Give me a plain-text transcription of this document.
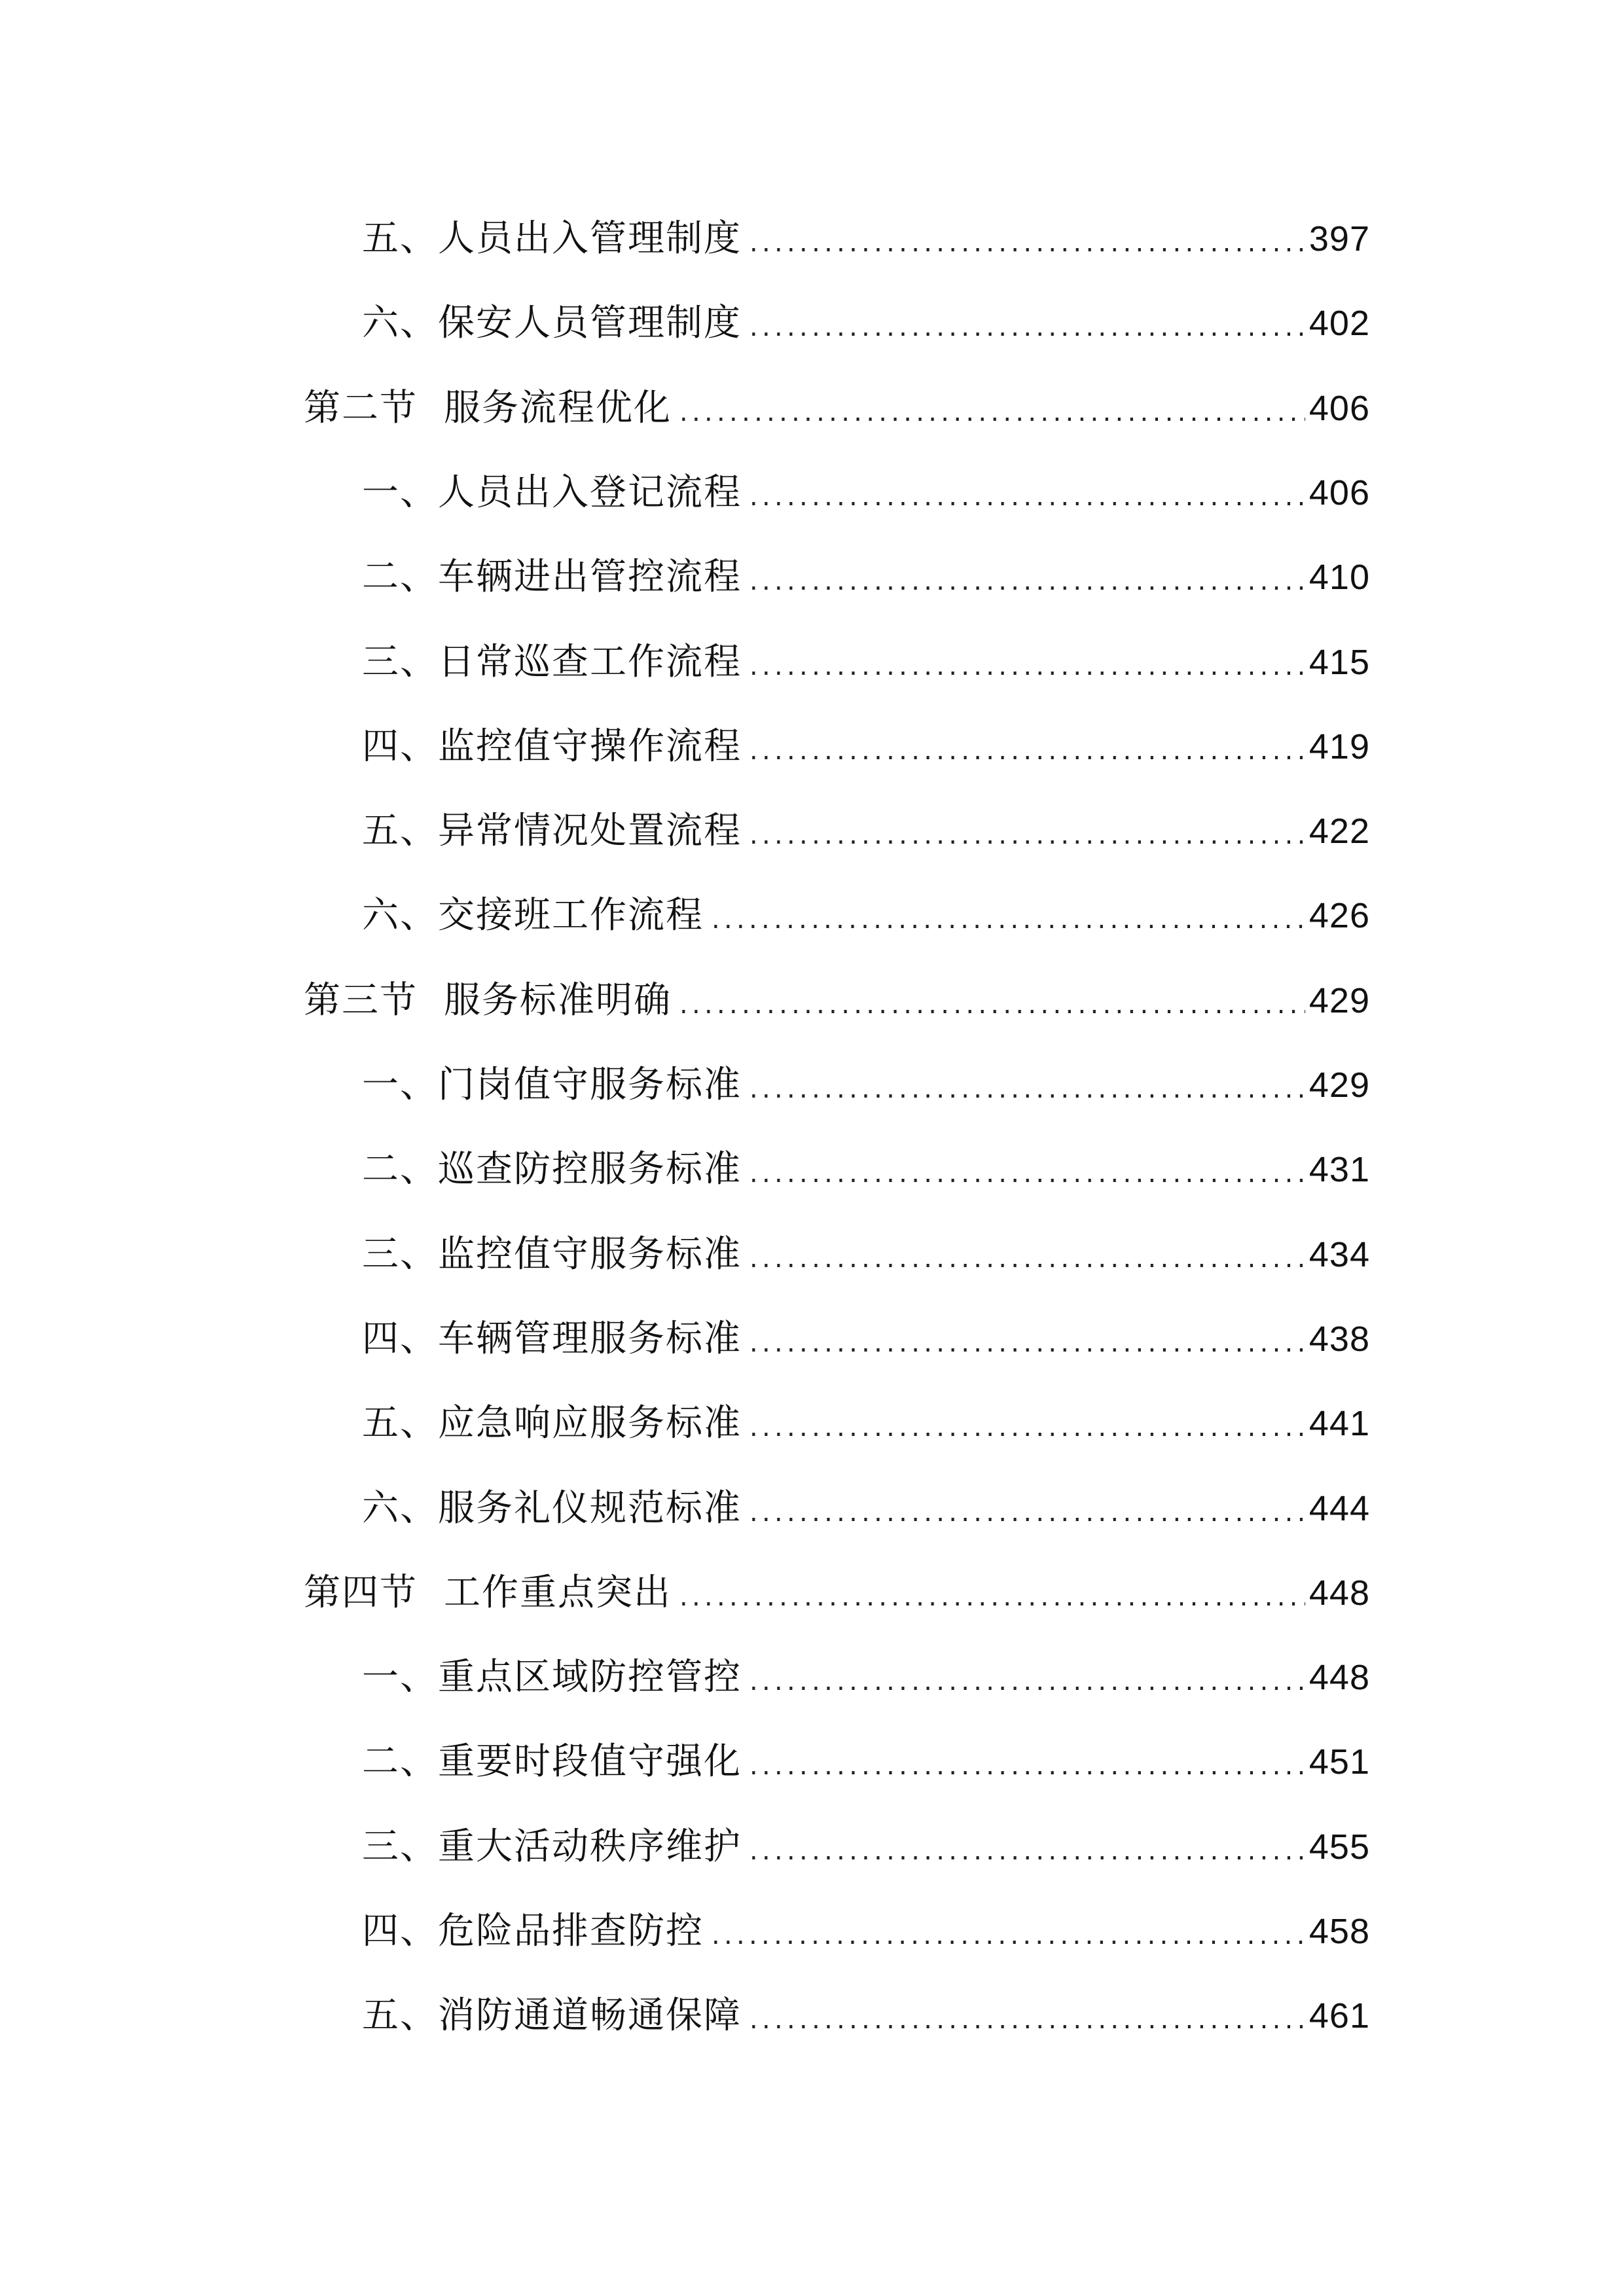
五、人员出入管理制度 .....	397
六、保安人员管理制度 .....	402
第二节 服务流程优化 .....	406
一、人员出入登记流程 .....	406
二、车辆进出管控流程 .....	410
三、日常巡查工作流程 .....	415
四、监控值守操作流程 .....	419
五、异常情况处置流程 .....	422
六、交接班工作流程 .....	426
第三节 服务标准明确 .....	429
一、门岗值守服务标准 .....	429
二、巡查防控服务标准 .....	431
三、监控值守服务标准 .....	434
四、车辆管理服务标准 .....	438
五、应急响应服务标准 .....	441
六、服务礼仪规范标准 .....	444
第四节 工作重点突出 .....	448
一、重点区域防控管控 .....	448
二、重要时段值守强化 .....	451
三、重大活动秩序维护 .....	455
四、危险品排查防控 .....	458
五、消防通道畅通保障 .....	461
